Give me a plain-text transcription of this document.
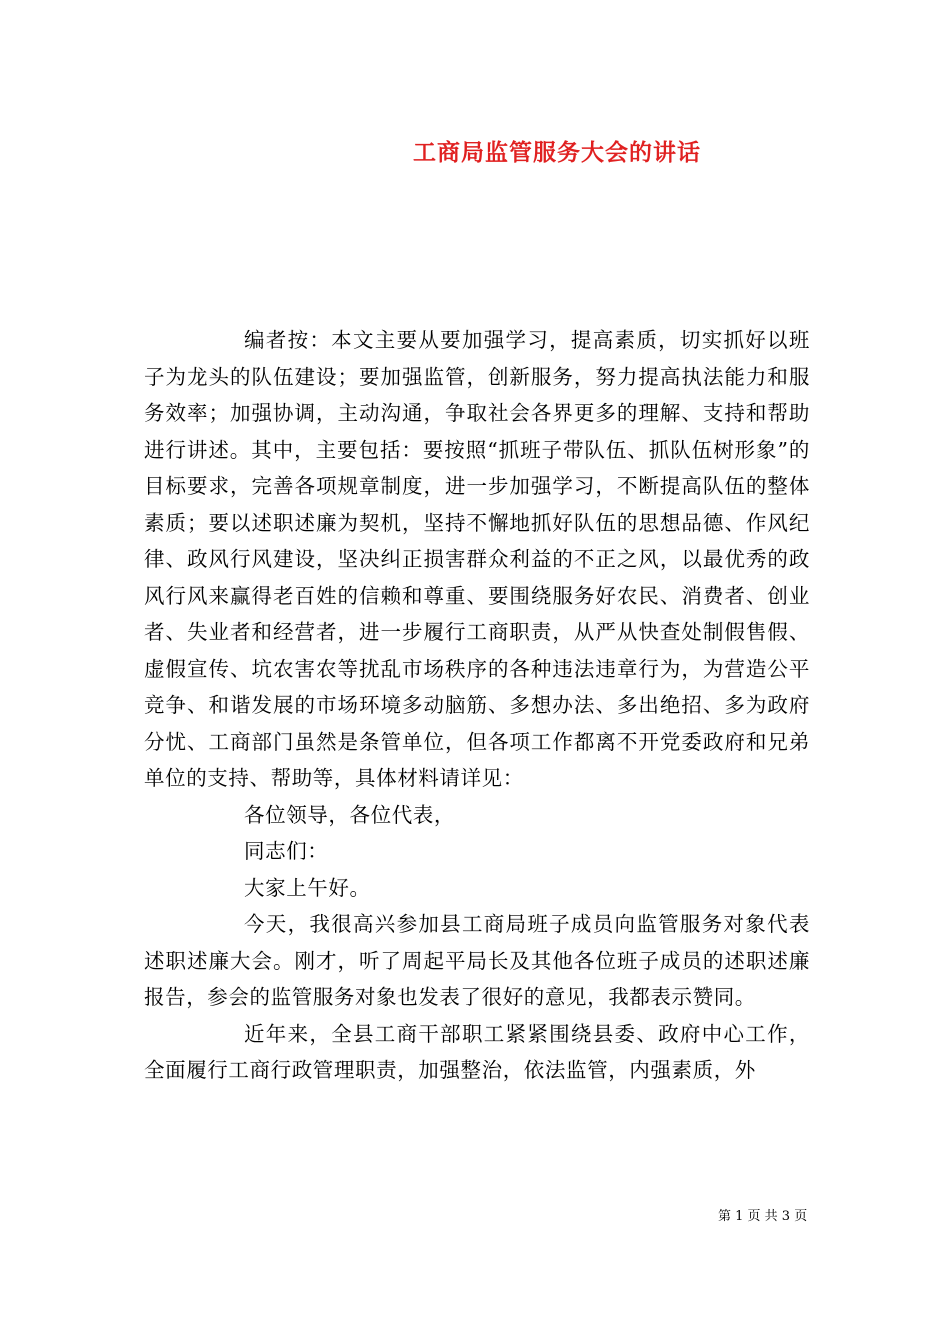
工商局监管服务大会的讲话

编者按：本文主要从要加强学习，提高素质，切实抓好以班子为龙头的队伍建设；要加强监管，创新服务，努力提高执法能力和服务效率；加强协调，主动沟通，争取社会各界更多的理解、支持和帮助进行讲述。其中，主要包括：要按照“抓班子带队伍、抓队伍树形象”的目标要求，完善各项规章制度，进一步加强学习，不断提高队伍的整体素质；要以述职述廉为契机，坚持不懈地抓好队伍的思想品德、作风纪律、政风行风建设，坚决纠正损害群众利益的不正之风，以最优秀的政风行风来赢得老百姓的信赖和尊重、要围绕服务好农民、消费者、创业者、失业者和经营者，进一步履行工商职责，从严从快查处制假售假、虚假宣传、坑农害农等扰乱市场秩序的各种违法违章行为，为营造公平竞争、和谐发展的市场环境多动脑筋、多想办法、多出绝招、多为政府分忧、工商部门虽然是条管单位，但各项工作都离不开党委政府和兄弟单位的支持、帮助等，具体材料请详见：

各位领导，各位代表，

同志们：

大家上午好。

今天，我很高兴参加县工商局班子成员向监管服务对象代表述职述廉大会。刚才，听了周起平局长及其他各位班子成员的述职述廉报告，参会的监管服务对象也发表了很好的意见，我都表示赞同。

近年来，全县工商干部职工紧紧围绕县委、政府中心工作，全面履行工商行政管理职责，加强整治，依法监管，内强素质，外

第 1 页 共 3 页
